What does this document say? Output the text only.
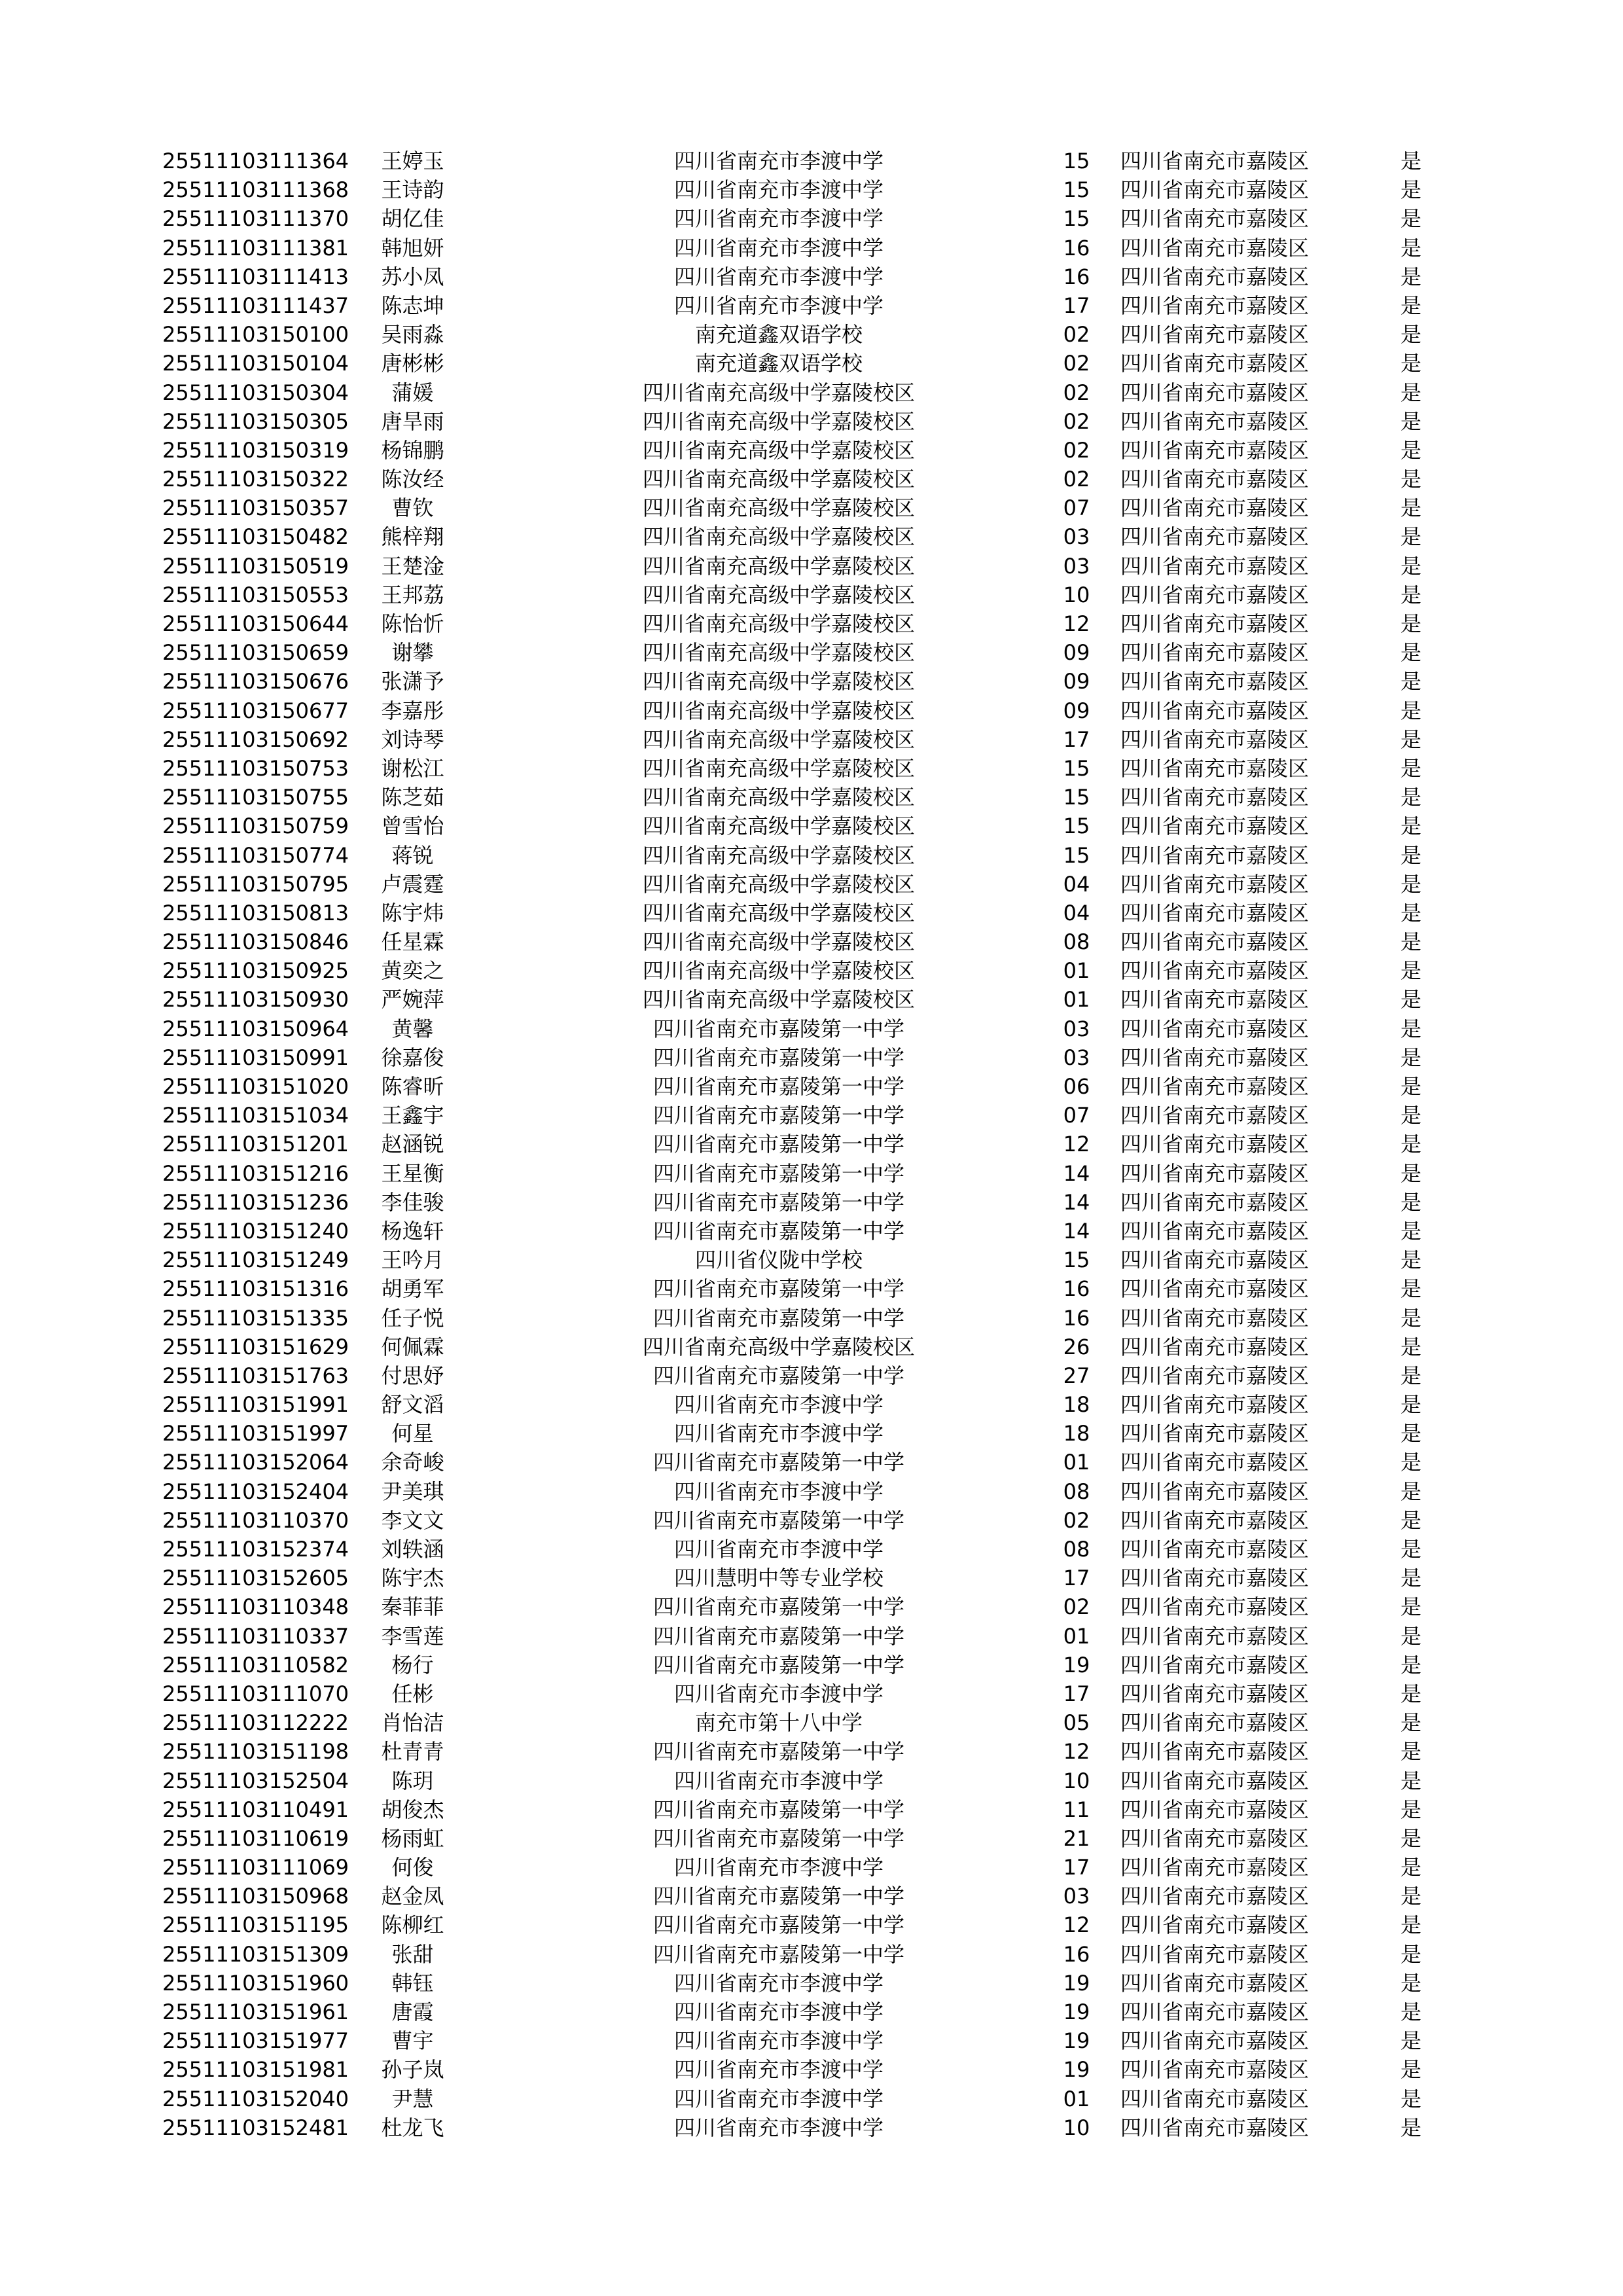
25511103111364 王婷玉	四川省南充市李渡中学	15	四川省南充市嘉陵区	是
25511103111368 王诗韵	四川省南充市李渡中学	15	四川省南充市嘉陵区	是
25511103111370 胡亿佳	四川省南充市李渡中学	15	四川省南充市嘉陵区	是
25511103111381 韩旭妍	四川省南充市李渡中学	16	四川省南充市嘉陵区	是
25511103111413 苏小凤	四川省南充市李渡中学	16	四川省南充市嘉陵区	是
25511103111437 陈志坤	四川省南充市李渡中学	17	四川省南充市嘉陵区	是
25511103150100 吴雨淼	南充道鑫双语学校	02	四川省南充市嘉陵区	是
25511103150104 唐彬彬	南充道鑫双语学校	02	四川省南充市嘉陵区	是
25511103150304	蒲媛	四川省南充高级中学嘉陵校区	02	四川省南充市嘉陵区	是
25511103150305 唐旱雨	四川省南充高级中学嘉陵校区	02	四川省南充市嘉陵区	是
25511103150319 杨锦鹏	四川省南充高级中学嘉陵校区	02	四川省南充市嘉陵区	是
25511103150322 陈汝经	四川省南充高级中学嘉陵校区	02	四川省南充市嘉陵区	是
25511103150357	曹钦	四川省南充高级中学嘉陵校区	07	四川省南充市嘉陵区	是
25511103150482 熊梓翔	四川省南充高级中学嘉陵校区	03	四川省南充市嘉陵区	是
25511103150519 王楚淦	四川省南充高级中学嘉陵校区	03	四川省南充市嘉陵区	是
25511103150553 王邦荔	四川省南充高级中学嘉陵校区	10	四川省南充市嘉陵区	是
25511103150644 陈怡忻	四川省南充高级中学嘉陵校区	12	四川省南充市嘉陵区	是
25511103150659	谢攀	四川省南充高级中学嘉陵校区	09	四川省南充市嘉陵区	是
25511103150676 张潇予	四川省南充高级中学嘉陵校区	09	四川省南充市嘉陵区	是
25511103150677 李嘉彤	四川省南充高级中学嘉陵校区	09	四川省南充市嘉陵区	是
25511103150692 刘诗琴	四川省南充高级中学嘉陵校区	17	四川省南充市嘉陵区	是
25511103150753 谢松江	四川省南充高级中学嘉陵校区	15	四川省南充市嘉陵区	是
25511103150755 陈芝茹	四川省南充高级中学嘉陵校区	15	四川省南充市嘉陵区	是
25511103150759 曾雪怡	四川省南充高级中学嘉陵校区	15	四川省南充市嘉陵区	是
25511103150774	蒋锐	四川省南充高级中学嘉陵校区	15	四川省南充市嘉陵区	是
25511103150795 卢震霆	四川省南充高级中学嘉陵校区	04	四川省南充市嘉陵区	是
25511103150813 陈宇炜	四川省南充高级中学嘉陵校区	04	四川省南充市嘉陵区	是
25511103150846 任星霖	四川省南充高级中学嘉陵校区	08	四川省南充市嘉陵区	是
25511103150925 黄奕之	四川省南充高级中学嘉陵校区	01	四川省南充市嘉陵区	是
25511103150930 严婉萍	四川省南充高级中学嘉陵校区	01	四川省南充市嘉陵区	是
25511103150964	黄馨	四川省南充市嘉陵第一中学	03	四川省南充市嘉陵区	是
25511103150991 徐嘉俊	四川省南充市嘉陵第一中学	03	四川省南充市嘉陵区	是
25511103151020 陈睿昕	四川省南充市嘉陵第一中学	06	四川省南充市嘉陵区	是
25511103151034 王鑫宇	四川省南充市嘉陵第一中学	07	四川省南充市嘉陵区	是
25511103151201 赵涵锐	四川省南充市嘉陵第一中学	12	四川省南充市嘉陵区	是
25511103151216 王星衡	四川省南充市嘉陵第一中学	14	四川省南充市嘉陵区	是
25511103151236 李佳骏	四川省南充市嘉陵第一中学	14	四川省南充市嘉陵区	是
25511103151240 杨逸轩	四川省南充市嘉陵第一中学	14	四川省南充市嘉陵区	是
25511103151249 王吟月	四川省仪陇中学校	15	四川省南充市嘉陵区	是
25511103151316 胡勇军	四川省南充市嘉陵第一中学	16	四川省南充市嘉陵区	是
25511103151335 任子悦	四川省南充市嘉陵第一中学	16	四川省南充市嘉陵区	是
25511103151629 何佩霖	四川省南充高级中学嘉陵校区	26	四川省南充市嘉陵区	是
25511103151763 付思妤	四川省南充市嘉陵第一中学	27	四川省南充市嘉陵区	是
25511103151991 舒文滔	四川省南充市李渡中学	18	四川省南充市嘉陵区	是
25511103151997	何星	四川省南充市李渡中学	18	四川省南充市嘉陵区	是
25511103152064 余奇峻	四川省南充市嘉陵第一中学	01	四川省南充市嘉陵区	是
25511103152404 尹美琪	四川省南充市李渡中学	08	四川省南充市嘉陵区	是
25511103110370 李文文	四川省南充市嘉陵第一中学	02	四川省南充市嘉陵区	是
25511103152374 刘轶涵	四川省南充市李渡中学	08	四川省南充市嘉陵区	是
25511103152605 陈宇杰	四川慧明中等专业学校	17	四川省南充市嘉陵区	是
25511103110348 秦菲菲	四川省南充市嘉陵第一中学	02	四川省南充市嘉陵区	是
25511103110337 李雪莲	四川省南充市嘉陵第一中学	01	四川省南充市嘉陵区	是
25511103110582	杨行	四川省南充市嘉陵第一中学	19	四川省南充市嘉陵区	是
25511103111070	任彬	四川省南充市李渡中学	17	四川省南充市嘉陵区	是
25511103112222 肖怡洁	南充市第十八中学	05	四川省南充市嘉陵区	是
25511103151198 杜青青	四川省南充市嘉陵第一中学	12	四川省南充市嘉陵区	是
25511103152504	陈玥	四川省南充市李渡中学	10	四川省南充市嘉陵区	是
25511103110491 胡俊杰	四川省南充市嘉陵第一中学	11	四川省南充市嘉陵区	是
25511103110619 杨雨虹	四川省南充市嘉陵第一中学	21	四川省南充市嘉陵区	是
25511103111069	何俊	四川省南充市李渡中学	17	四川省南充市嘉陵区	是
25511103150968 赵金凤	四川省南充市嘉陵第一中学	03	四川省南充市嘉陵区	是
25511103151195 陈柳红	四川省南充市嘉陵第一中学	12	四川省南充市嘉陵区	是
25511103151309	张甜	四川省南充市嘉陵第一中学	16	四川省南充市嘉陵区	是
25511103151960	韩钰	四川省南充市李渡中学	19	四川省南充市嘉陵区	是
25511103151961	唐霞	四川省南充市李渡中学	19	四川省南充市嘉陵区	是
25511103151977	曹宇	四川省南充市李渡中学	19	四川省南充市嘉陵区	是
25511103151981 孙子岚	四川省南充市李渡中学	19	四川省南充市嘉陵区	是
25511103152040	尹慧	四川省南充市李渡中学	01	四川省南充市嘉陵区	是
25511103152481 杜龙飞	四川省南充市李渡中学	10	四川省南充市嘉陵区	是
